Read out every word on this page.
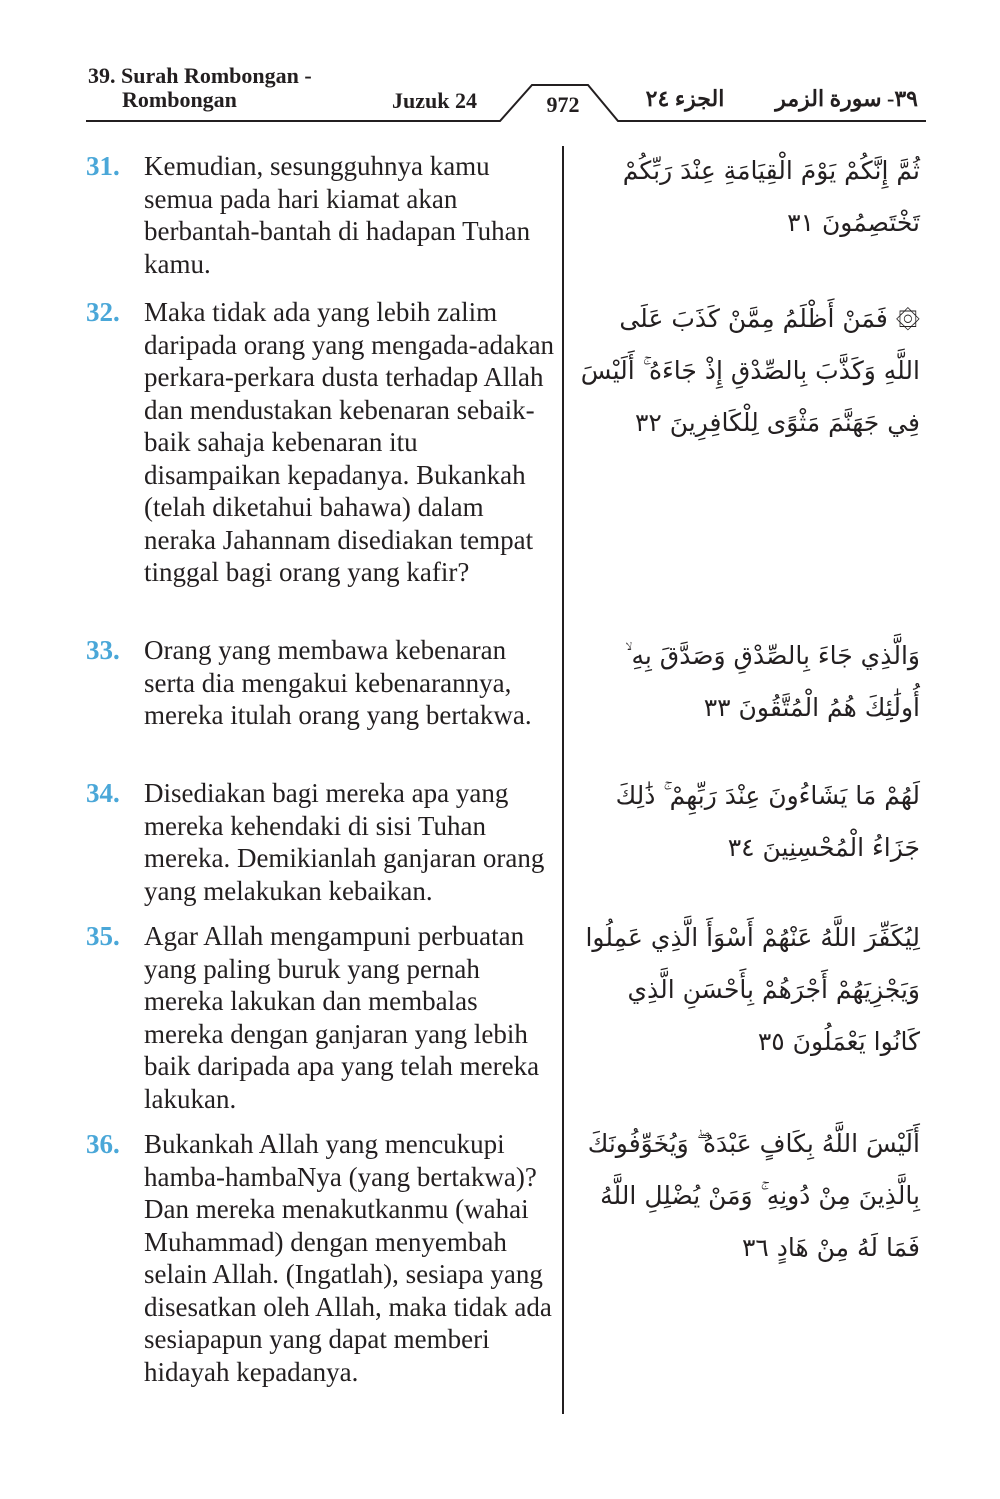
39. Surah Rombongan -
Rombongan	Juzuk 24	972	الجزء ٢٤	٣٩- سورة الزمر
31. Kemudian, sesungguhnya kamu semua pada hari kiamat akan berbantah-bantah di hadapan Tuhan kamu.
ثُمَّ إِنَّكُمْ يَوْمَ الْقِيَامَةِ عِنْدَ رَبِّكُمْ تَخْتَصِمُونَ ٣١
32. Maka tidak ada yang lebih zalim daripada orang yang mengada-adakan perkara-perkara dusta terhadap Allah dan mendustakan kebenaran sebaik-baik sahaja kebenaran itu disampaikan kepadanya. Bukankah (telah diketahui bahawa) dalam neraka Jahannam disediakan tempat tinggal bagi orang yang kafir?
۞ فَمَنْ أَظْلَمُ مِمَّنْ كَذَبَ عَلَى اللَّهِ وَكَذَّبَ بِالصِّدْقِ إِذْ جَاءَهُ ۚ أَلَيْسَ فِي جَهَنَّمَ مَثْوًى لِلْكَافِرِينَ ٣٢
33. Orang yang membawa kebenaran serta dia mengakui kebenarannya, mereka itulah orang yang bertakwa.
وَالَّذِي جَاءَ بِالصِّدْقِ وَصَدَّقَ بِهِ ۙ أُولَٰئِكَ هُمُ الْمُتَّقُونَ ٣٣
34. Disediakan bagi mereka apa yang mereka kehendaki di sisi Tuhan mereka. Demikianlah ganjaran orang yang melakukan kebaikan.
لَهُمْ مَا يَشَاءُونَ عِنْدَ رَبِّهِمْ ۚ ذَٰلِكَ جَزَاءُ الْمُحْسِنِينَ ٣٤
35. Agar Allah mengampuni perbuatan yang paling buruk yang pernah mereka lakukan dan membalas mereka dengan ganjaran yang lebih baik daripada apa yang telah mereka lakukan.
لِيُكَفِّرَ اللَّهُ عَنْهُمْ أَسْوَأَ الَّذِي عَمِلُوا وَيَجْزِيَهُمْ أَجْرَهُمْ بِأَحْسَنِ الَّذِي كَانُوا يَعْمَلُونَ ٣٥
36. Bukankah Allah yang mencukupi hamba-hambaNya (yang bertakwa)? Dan mereka menakutkanmu (wahai Muhammad) dengan menyembah selain Allah. (Ingatlah), sesiapa yang disesatkan oleh Allah, maka tidak ada sesiapapun yang dapat memberi hidayah kepadanya.
أَلَيْسَ اللَّهُ بِكَافٍ عَبْدَهُ ۖ وَيُخَوِّفُونَكَ بِالَّذِينَ مِنْ دُونِهِ ۚ وَمَنْ يُضْلِلِ اللَّهُ فَمَا لَهُ مِنْ هَادٍ ٣٦
